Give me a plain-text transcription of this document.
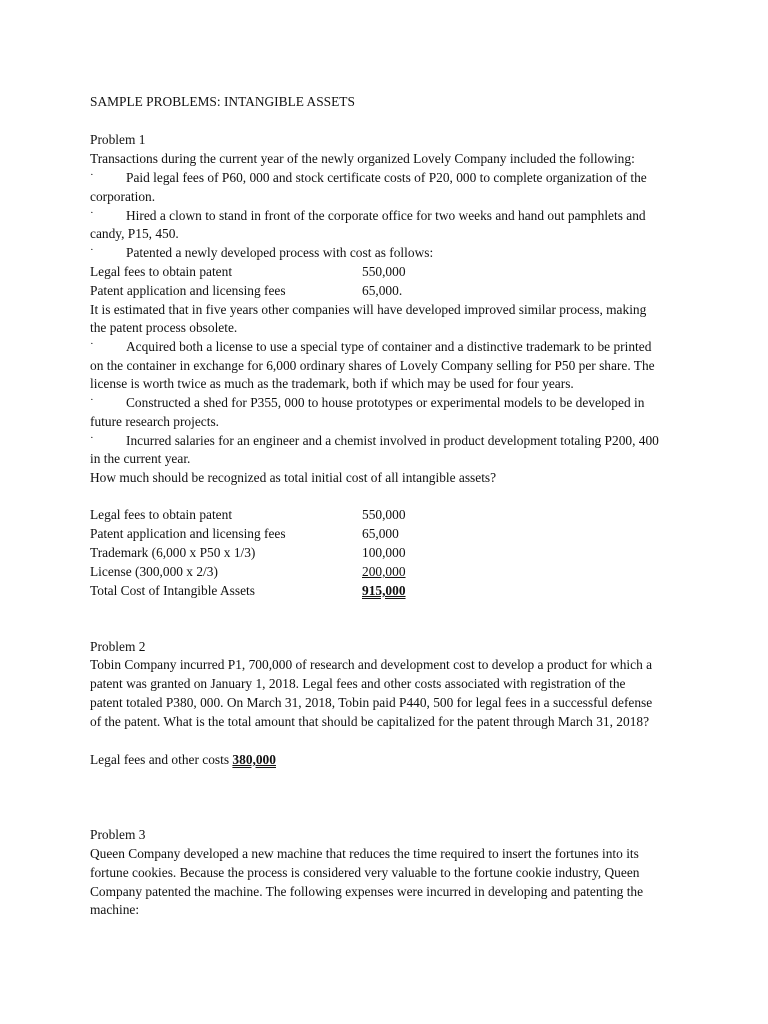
SAMPLE PROBLEMS: INTANGIBLE ASSETS
Problem 1
Transactions during the current year of the newly organized Lovely Company included the following:
· Paid legal fees of P60, 000 and stock certificate costs of P20, 000 to complete organization of the
corporation.
· Hired a clown to stand in front of the corporate office for two weeks and hand out pamphlets and
candy, P15, 450.
· Patented a newly developed process with cost as follows:
Legal fees to obtain patent	550,000
Patent application and licensing fees	65,000.
It is estimated that in five years other companies will have developed improved similar process, making
the patent process obsolete.
· Acquired both a license to use a special type of container and a distinctive trademark to be printed
on the container in exchange for 6,000 ordinary shares of Lovely Company selling for P50 per share. The
license is worth twice as much as the trademark, both if which may be used for four years.
· Constructed a shed for P355, 000 to house prototypes or experimental models to be developed in
future research projects.
· Incurred salaries for an engineer and a chemist involved in product development totaling P200, 400
in the current year.
How much should be recognized as total initial cost of all intangible assets?
Legal fees to obtain patent	550,000
Patent application and licensing fees	65,000
Trademark (6,000 x P50 x 1/3)	100,000
License (300,000 x 2/3)	200,000
Total Cost of Intangible Assets	915,000
Problem 2
Tobin Company incurred P1, 700,000 of research and development cost to develop a product for which a
patent was granted on January 1, 2018. Legal fees and other costs associated with registration of the
patent totaled P380, 000. On March 31, 2018, Tobin paid P440, 500 for legal fees in a successful defense
of the patent. What is the total amount that should be capitalized for the patent through March 31, 2018?
Legal fees and other costs 380,000
Problem 3
Queen Company developed a new machine that reduces the time required to insert the fortunes into its
fortune cookies. Because the process is considered very valuable to the fortune cookie industry, Queen
Company patented the machine. The following expenses were incurred in developing and patenting the
machine:
